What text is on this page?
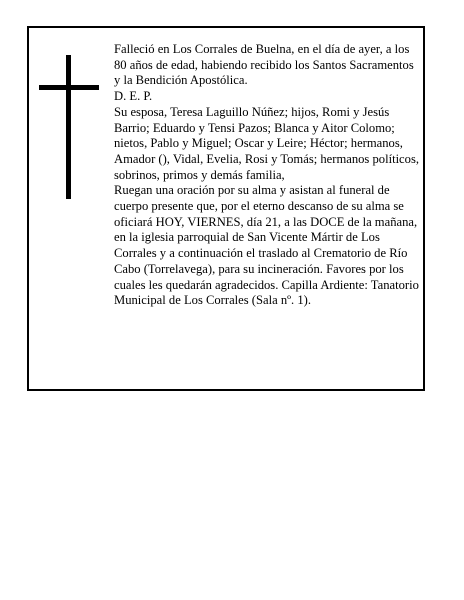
Falleció en Los Corrales de Buelna, en el día de ayer, a los 80 años de edad, habiendo recibido los Santos Sacramentos y la Bendición Apostólica.

D. E. P.

Su esposa, Teresa Laguillo Núñez; hijos, Romi y Jesús Barrio; Eduardo y Tensi Pazos; Blanca y Aitor Colomo; nietos, Pablo y Miguel; Oscar y Leire; Héctor; hermanos, Amador (), Vidal, Evelia, Rosi y Tomás; hermanos políticos, sobrinos, primos y demás familia,

Ruegan una oración por su alma y asistan al funeral de cuerpo presente que, por el eterno descanso de su alma se oficiará HOY, VIERNES, día 21, a las DOCE de la mañana, en la iglesia parroquial de San Vicente Mártir de Los Corrales y a continuación el traslado al Crematorio de Río Cabo (Torrelavega), para su incineración. Favores por los cuales les quedarán agradecidos. Capilla Ardiente: Tanatorio Municipal de Los Corrales (Sala nº. 1).
